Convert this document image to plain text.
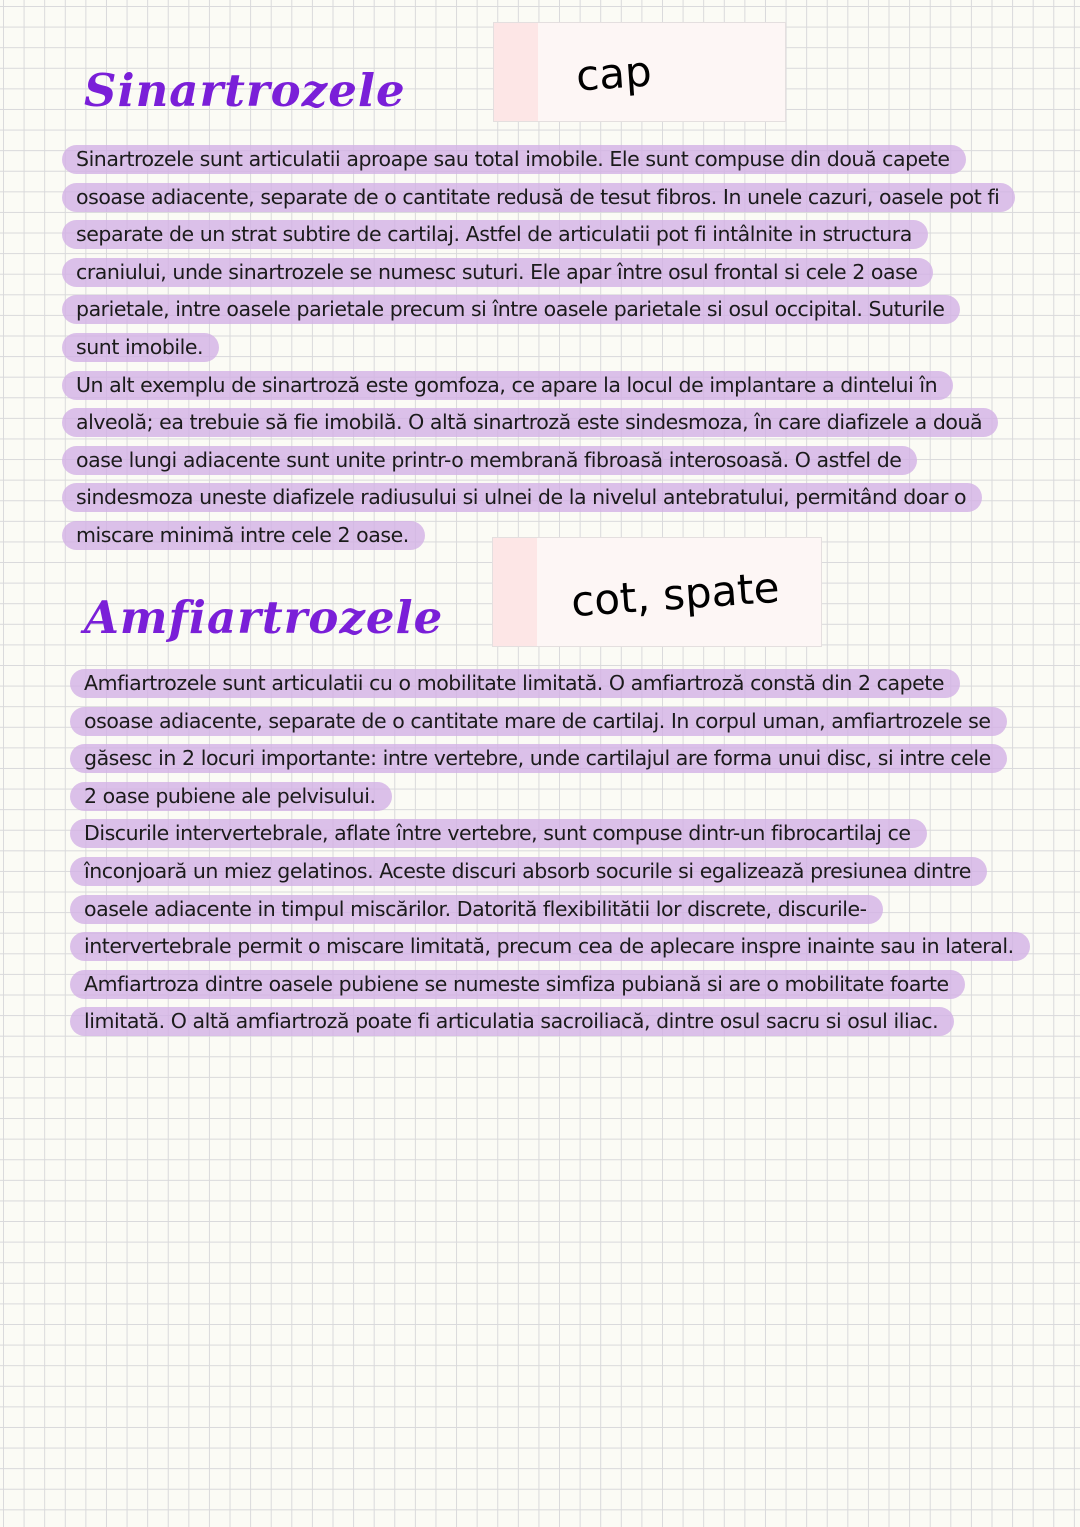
Sinartrozele	cap
Sinartrozele sunt articulatii aproape sau total imobile. Ele sunt compuse din două capete
osoase adiacente, separate de o cantitate redusă de tesut fibros. In unele cazuri, oasele pot fi
separate de un strat subtire de cartilaj. Astfel de articulatii pot fi intâlnite in structura
craniului, unde sinartrozele se numesc suturi. Ele apar între osul frontal si cele 2 oase
parietale, intre oasele parietale precum si între oasele parietale si osul occipital. Suturile
sunt imobile.
Un alt exemplu de sinartroză este gomfoza, ce apare la locul de implantare a dintelui în
alveolă; ea trebuie să fie imobilă. O altă sinartroză este sindesmoza, în care diafizele a două
oase lungi adiacente sunt unite printr-o membrană fibroasă interosoasă. O astfel de
sindesmoza uneste diafizele radiusului si ulnei de la nivelul antebratului, permitând doar o
miscare minimă intre cele 2 oase.
Amfiartrozele	cot, spate
Amfiartrozele sunt articulatii cu o mobilitate limitată. O amfiartroză constă din 2 capete
osoase adiacente, separate de o cantitate mare de cartilaj. In corpul uman, amfiartrozele se
găsesc in 2 locuri importante: intre vertebre, unde cartilajul are forma unui disc, si intre cele
2 oase pubiene ale pelvisului.
Discurile intervertebrale, aflate între vertebre, sunt compuse dintr-un fibrocartilaj ce
înconjoară un miez gelatinos. Aceste discuri absorb socurile si egalizează presiunea dintre
oasele adiacente in timpul miscărilor. Datorită flexibilitătii lor discrete, discurile-
intervertebrale permit o miscare limitată, precum cea de aplecare inspre inainte sau in lateral.
Amfiartroza dintre oasele pubiene se numeste simfiza pubiană si are o mobilitate foarte
limitată. O altă amfiartroză poate fi articulatia sacroiliacă, dintre osul sacru si osul iliac.
